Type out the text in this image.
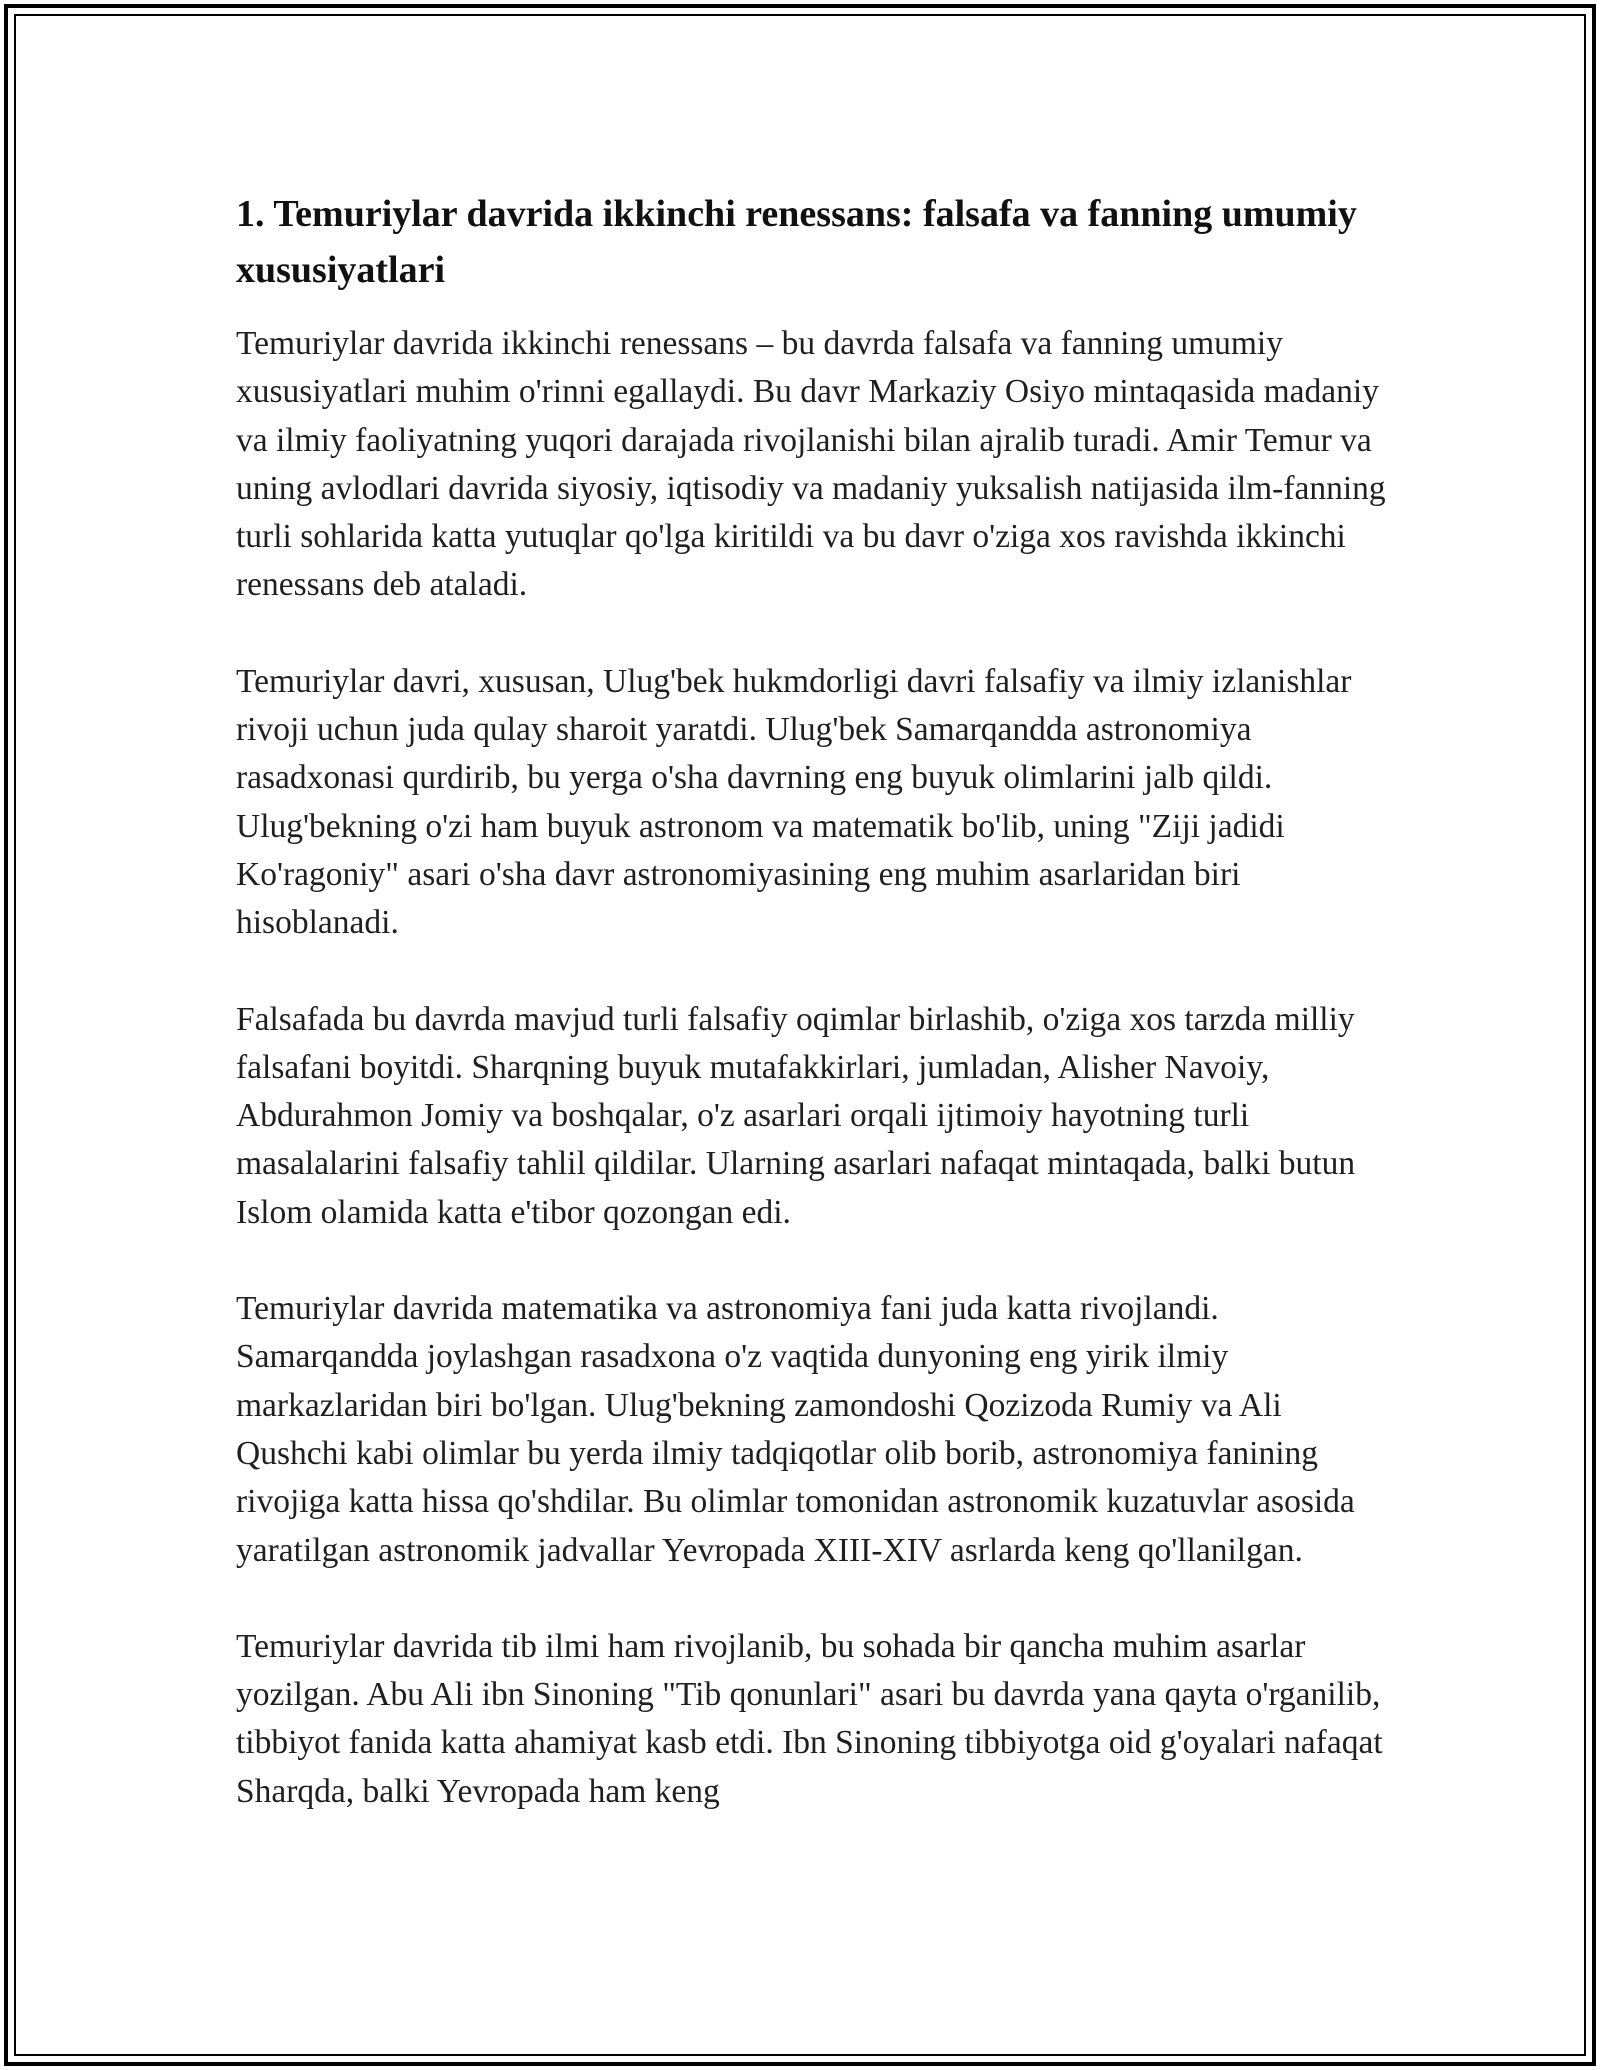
1. Temuriylar davrida ikkinchi renessans: falsafa va fanning umumiy xususiyatlari

Temuriylar davrida ikkinchi renessans – bu davrda falsafa va fanning umumiy xususiyatlari muhim o'rinni egallaydi. Bu davr Markaziy Osiyo mintaqasida madaniy va ilmiy faoliyatning yuqori darajada rivojlanishi bilan ajralib turadi. Amir Temur va uning avlodlari davrida siyosiy, iqtisodiy va madaniy yuksalish natijasida ilm-fanning turli sohlarida katta yutuqlar qo'lga kiritildi va bu davr o'ziga xos ravishda ikkinchi renessans deb ataladi.

Temuriylar davri, xususan, Ulug'bek hukmdorligi davri falsafiy va ilmiy izlanishlar rivoji uchun juda qulay sharoit yaratdi. Ulug'bek Samarqandda astronomiya rasadxonasi qurdirib, bu yerga o'sha davrning eng buyuk olimlarini jalb qildi. Ulug'bekning o'zi ham buyuk astronom va matematik bo'lib, uning "Ziji jadidi Ko'ragoniy" asari o'sha davr astronomiyasining eng muhim asarlaridan biri hisoblanadi.

Falsafada bu davrda mavjud turli falsafiy oqimlar birlashib, o'ziga xos tarzda milliy falsafani boyitdi. Sharqning buyuk mutafakkirlari, jumladan, Alisher Navoiy, Abdurahmon Jomiy va boshqalar, o'z asarlari orqali ijtimoiy hayotning turli masalalarini falsafiy tahlil qildilar. Ularning asarlari nafaqat mintaqada, balki butun Islom olamida katta e'tibor qozongan edi.

Temuriylar davrida matematika va astronomiya fani juda katta rivojlandi. Samarqandda joylashgan rasadxona o'z vaqtida dunyoning eng yirik ilmiy markazlaridan biri bo'lgan. Ulug'bekning zamondoshi Qozizoda Rumiy va Ali Qushchi kabi olimlar bu yerda ilmiy tadqiqotlar olib borib, astronomiya fanining rivojiga katta hissa qo'shdilar. Bu olimlar tomonidan astronomik kuzatuvlar asosida yaratilgan astronomik jadvallar Yevropada XIII-XIV asrlarda keng qo'llanilgan.

Temuriylar davrida tib ilmi ham rivojlanib, bu sohada bir qancha muhim asarlar yozilgan. Abu Ali ibn Sinoning "Tib qonunlari" asari bu davrda yana qayta o'rganilib, tibbiyot fanida katta ahamiyat kasb etdi. Ibn Sinoning tibbiyotga oid g'oyalari nafaqat Sharqda, balki Yevropada ham keng
